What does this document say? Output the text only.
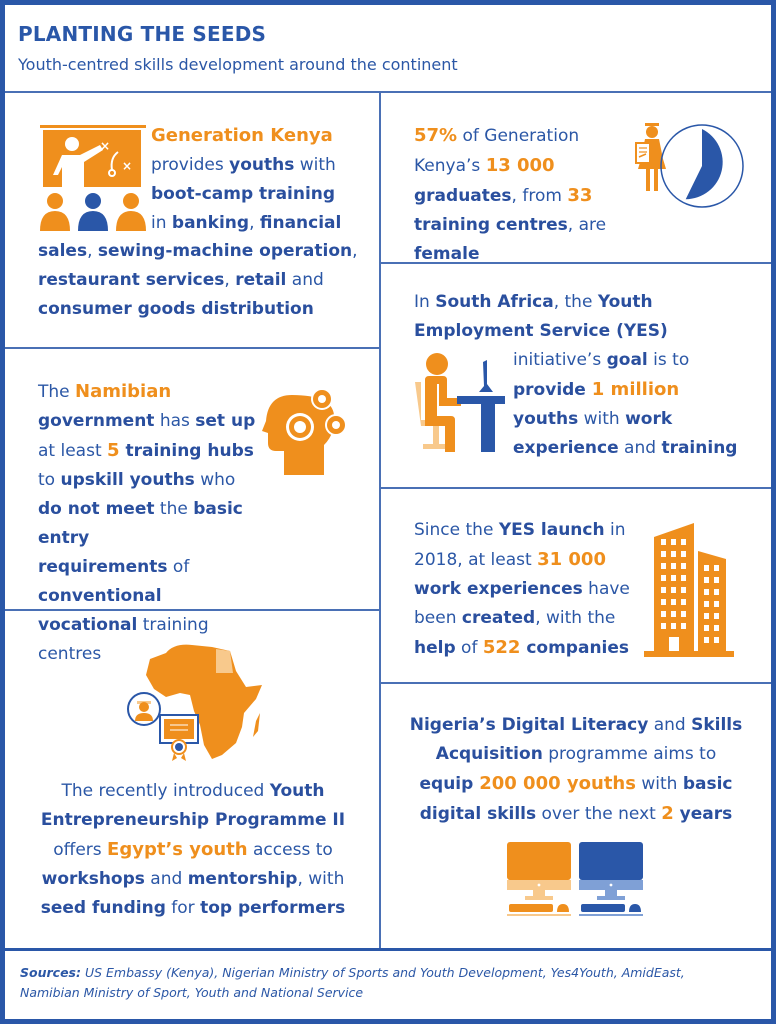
PLANTING THE SEEDS
Youth-centred skills development around the continent
×
×
Generation Kenya
provides youths with
boot-camp training
in banking, financial
sales, sewing-machine operation,
restaurant services, retail and
consumer goods distribution
57% of Generation
Kenya’s 13 000
graduates, from 33
training centres, are female
In South Africa, the Youth
Employment Service (YES)
initiative’s goal is to
provide 1 million
youths with work
experience and training
The Namibian
government has set up
at least 5 training hubs
to upskill youths who
do not meet the basic entry
requirements of conventional
vocational training centres
Since the YES launch in
2018, at least 31 000
work experiences have
been created, with the
help of 522 companies
The recently introduced Youth
Entrepreneurship Programme II
offers Egypt’s youth access to
workshops and mentorship, with
seed funding for top performers
Nigeria’s Digital Literacy and Skills
Acquisition programme aims to
equip 200 000 youths with basic
digital skills over the next 2 years
Sources: US Embassy (Kenya), Nigerian Ministry of Sports and Youth Development, Yes4Youth, AmidEast,
Namibian Ministry of Sport, Youth and National Service
